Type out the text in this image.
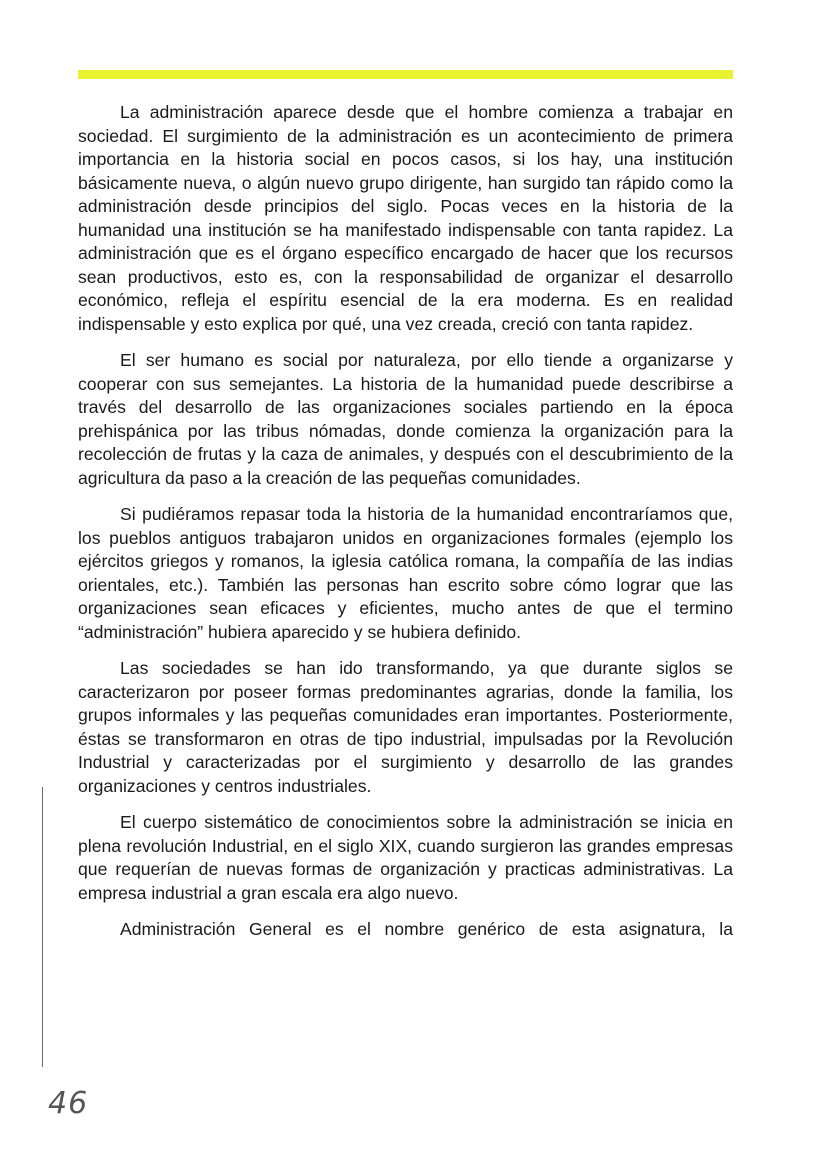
La administración aparece desde que el hombre comienza a trabajar en sociedad. El surgimiento de la administración es un acontecimiento de primera importancia en la historia social en pocos casos, si los hay, una institución básicamente nueva, o algún nuevo grupo dirigente, han surgido tan rápido como la administración desde principios del siglo. Pocas veces en la historia de la humanidad una institución se ha manifestado indispensable con tanta rapidez. La administración que es el órgano específico encargado de hacer que los recursos sean productivos, esto es, con la responsabilidad de organizar el desarrollo económico, refleja el espíritu esencial de la era moderna. Es en realidad indispensable y esto explica por qué, una vez creada, creció con tanta rapidez.

El ser humano es social por naturaleza, por ello tiende a organizarse y cooperar con sus semejantes. La historia de la humanidad puede describirse a través del desarrollo de las organizaciones sociales partiendo en la época prehispánica por las tribus nómadas, donde comienza la organización para la recolección de frutas y la caza de animales, y después con el descubrimiento de la agricultura da paso a la creación de las pequeñas comunidades.

Si pudiéramos repasar toda la historia de la humanidad encontraríamos que, los pueblos antiguos trabajaron unidos en organizaciones formales (ejemplo los ejércitos griegos y romanos, la iglesia católica romana, la compañía de las indias orientales, etc.). También las personas han escrito sobre cómo lograr que las organizaciones sean eficaces y eficientes, mucho antes de que el termino “administración” hubiera aparecido y se hubiera definido.

Las sociedades se han ido transformando, ya que durante siglos se caracterizaron por poseer formas predominantes agrarias, donde la familia, los grupos informales y las pequeñas comunidades eran importantes. Posteriormente, éstas se transformaron en otras de tipo industrial, impulsadas por la Revolución Industrial y caracterizadas por el surgimiento y desarrollo de las grandes organizaciones y centros industriales.

El cuerpo sistemático de conocimientos sobre la administración se inicia en plena revolución Industrial, en el siglo XIX, cuando surgieron las grandes empresas que requerían de nuevas formas de organización y practicas administrativas. La empresa industrial a gran escala era algo nuevo.

Administración General es el nombre genérico de esta asignatura, la

46
